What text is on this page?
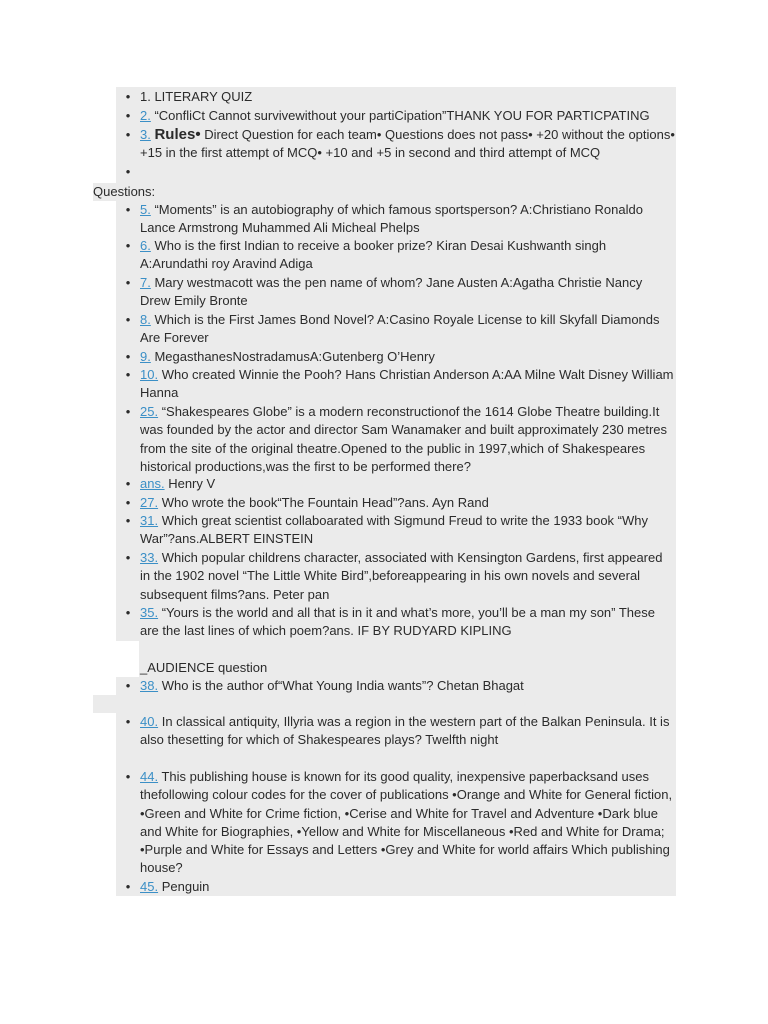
• 1. LITERARY QUIZ
• 2. “ConfliCt Cannot survivewithout your partiCipation”THANK YOU FOR PARTICPATING
• 3. Rules• Direct Question for each team• Questions does not pass• +20 without the options• +15 in the first attempt of MCQ• +10 and +5 in second and third attempt of MCQ
•
Questions:
• 5. “Moments” is an autobiography of which famous sportsperson? A:Christiano Ronaldo Lance Armstrong Muhammed Ali Micheal Phelps
• 6. Who is the first Indian to receive a booker prize? Kiran Desai Kushwanth singh A:Arundathi roy Aravind Adiga
• 7. Mary westmacott was the pen name of whom? Jane Austen A:Agatha Christie Nancy Drew Emily Bronte
• 8. Which is the First James Bond Novel? A:Casino Royale License to kill Skyfall Diamonds Are Forever
• 9. MegasthanesNostradamusA:Gutenberg O’Henry
• 10. Who created Winnie the Pooh? Hans Christian Anderson A:AA Milne Walt Disney William Hanna
• 25. “Shakespeares Globe” is a modern reconstructionof the 1614 Globe Theatre building.It was founded by the actor and director Sam Wanamaker and built approximately 230 metres from the site of the original theatre.Opened to the public in 1997,which of Shakespeares historical productions,was the first to be performed there?
• ans. Henry V
• 27. Who wrote the book“The Fountain Head”?ans. Ayn Rand
• 31. Which great scientist collaboarated with Sigmund Freud to write the 1933 book “Why War”?ans.ALBERT EINSTEIN
• 33. Which popular childrens character, associated with Kensington Gardens, first appeared in the 1902 novel “The Little White Bird”,beforeappearing in his own novels and several subsequent films?ans. Peter pan
• 35. “Yours is the world and all that is in it and what’s more, you’ll be a man my son” These are the last lines of which poem?ans. IF BY RUDYARD KIPLING
_AUDIENCE question
• 38. Who is the author of“What Young India wants”? Chetan Bhagat
• 40. In classical antiquity, Illyria was a region in the western part of the Balkan Peninsula. It is also thesetting for which of Shakespeares plays? Twelfth night
• 44. This publishing house is known for its good quality, inexpensive paperbacksand uses thefollowing colour codes for the cover of publications •Orange and White for General fiction, •Green and White for Crime fiction, •Cerise and White for Travel and Adventure •Dark blue and White for Biographies, •Yellow and White for Miscellaneous •Red and White for Drama; •Purple and White for Essays and Letters •Grey and White for world affairs Which publishing house?
• 45. Penguin
